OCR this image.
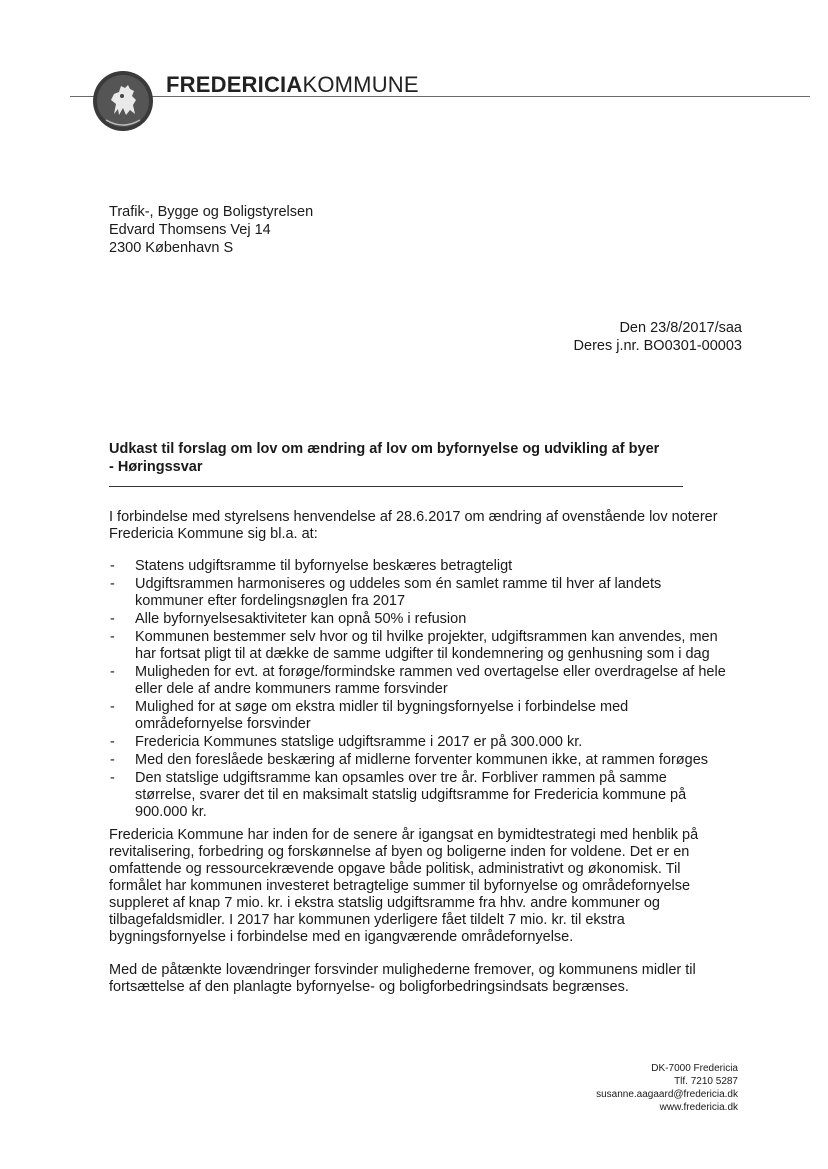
FREDERICIAKOMMUNE
Trafik-, Bygge og Boligstyrelsen
Edvard Thomsens Vej 14
2300 København S
Den 23/8/2017/saa
Deres j.nr. BO0301-00003
Udkast til forslag om lov om ændring af lov om byfornyelse og udvikling af byer
- Høringssvar
I forbindelse med styrelsens henvendelse af 28.6.2017 om ændring af ovenstående lov noterer
Fredericia Kommune sig bl.a. at:
- Statens udgiftsramme til byfornyelse beskæres betragteligt
- Udgiftsrammen harmoniseres og uddeles som én samlet ramme til hver af landets
kommuner efter fordelingsnøglen fra 2017
- Alle byfornyelsesaktiviteter kan opnå 50% i refusion
- Kommunen bestemmer selv hvor og til hvilke projekter, udgiftsrammen kan anvendes, men
har fortsat pligt til at dække de samme udgifter til kondemnering og genhusning som i dag
- Muligheden for evt. at forøge/formindske rammen ved overtagelse eller overdragelse af hele
eller dele af andre kommuners ramme forsvinder
- Mulighed for at søge om ekstra midler til bygningsfornyelse i forbindelse med
områdefornyelse forsvinder
- Fredericia Kommunes statslige udgiftsramme i 2017 er på 300.000 kr.
- Med den foreslåede beskæring af midlerne forventer kommunen ikke, at rammen forøges
- Den statslige udgiftsramme kan opsamles over tre år. Forbliver rammen på samme
størrelse, svarer det til en maksimalt statslig udgiftsramme for Fredericia kommune på
900.000 kr.
Fredericia Kommune har inden for de senere år igangsat en bymidtestrategi med henblik på
revitalisering, forbedring og forskønnelse af byen og boligerne inden for voldene. Det er en
omfattende og ressourcekrævende opgave både politisk, administrativt og økonomisk. Til
formålet har kommunen investeret betragtelige summer til byfornyelse og områdefornyelse
suppleret af knap 7 mio. kr. i ekstra statslig udgiftsramme fra hhv. andre kommuner og
tilbagefaldsmidler. I 2017 har kommunen yderligere fået tildelt 7 mio. kr. til ekstra
bygningsfornyelse i forbindelse med en igangværende områdefornyelse.
Med de påtænkte lovændringer forsvinder mulighederne fremover, og kommunens midler til
fortsættelse af den planlagte byfornyelse- og boligforbedringsindsats begrænses.
DK-7000 Fredericia
Tlf. 7210 5287
susanne.aagaard@fredericia.dk
www.fredericia.dk
